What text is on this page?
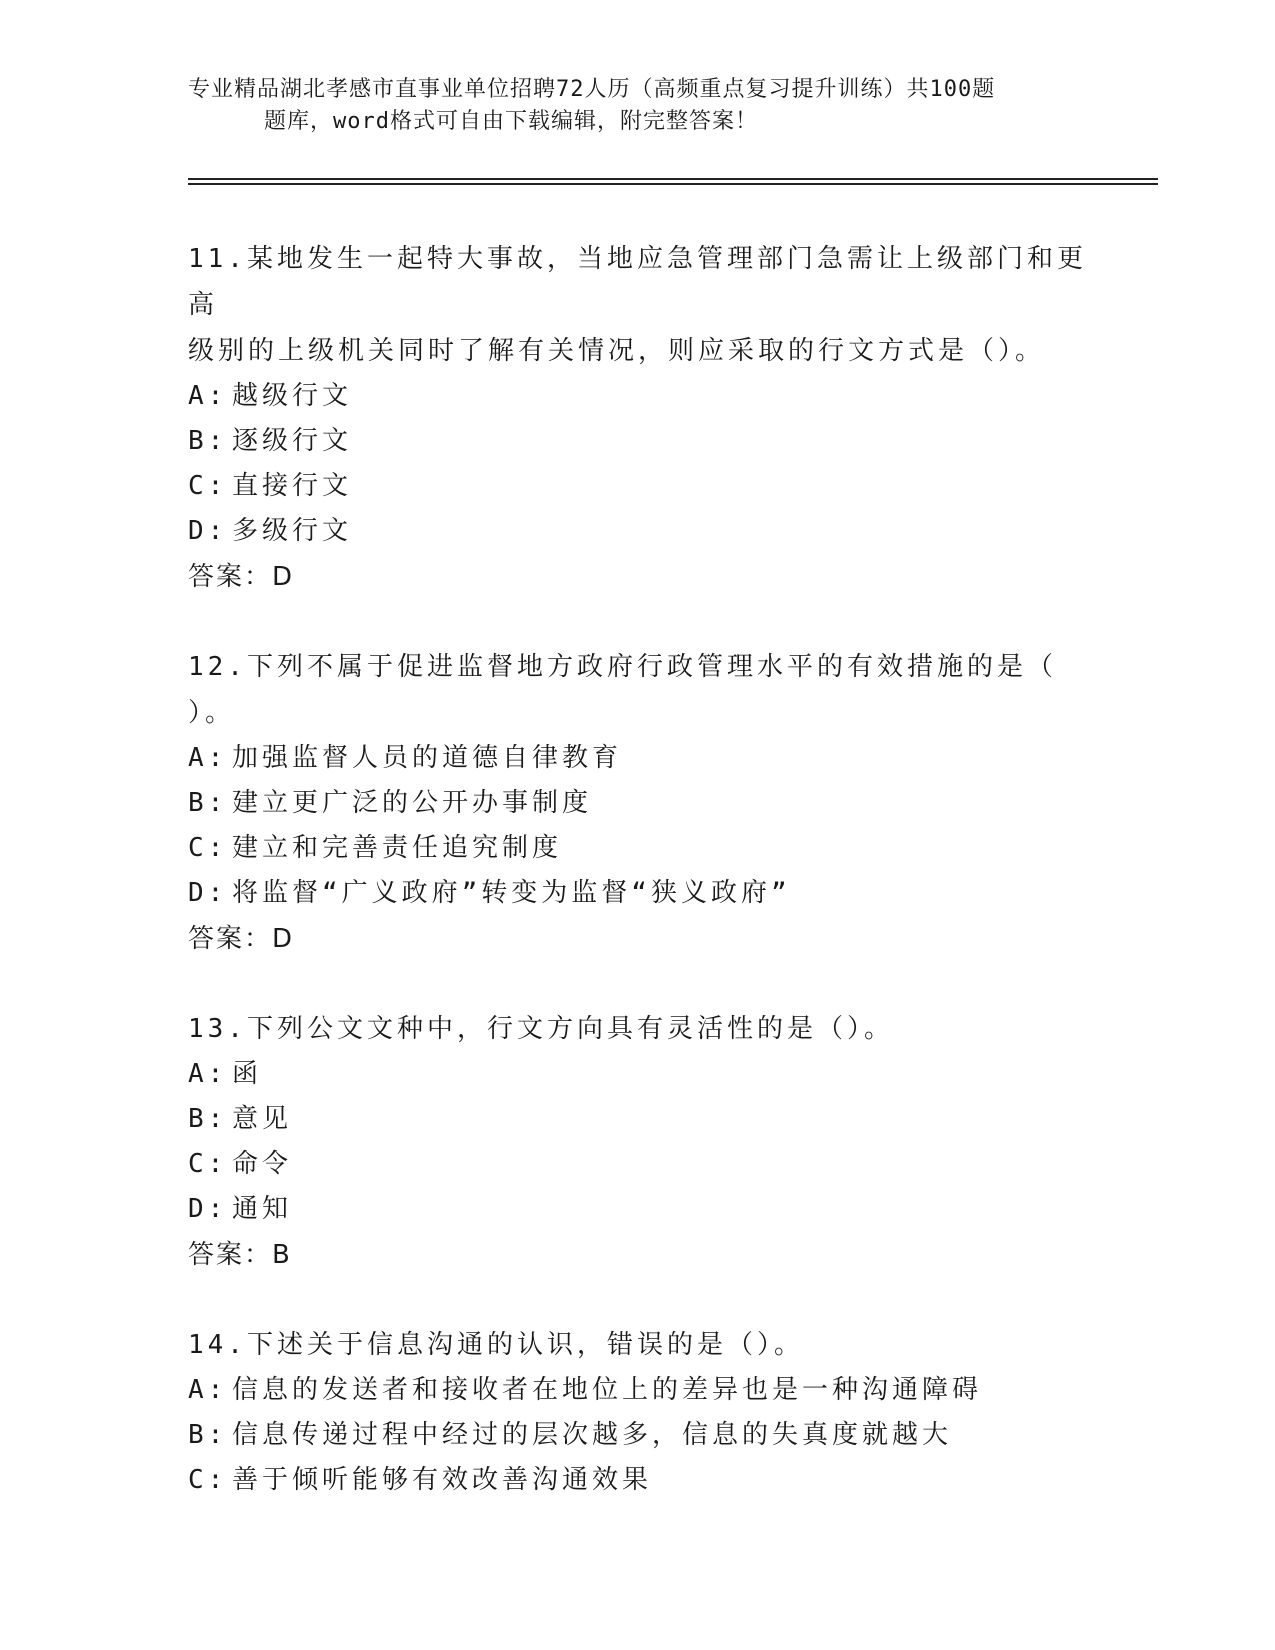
专业精品湖北孝感市直事业单位招聘72人历（高频重点复习提升训练）共100题
题库，word格式可自由下载编辑，附完整答案！

11.某地发生一起特大事故，当地应急管理部门急需让上级部门和更高

级别的上级机关同时了解有关情况，则应采取的行文方式是（）。

A: 越级行文

B: 逐级行文

C: 直接行文

D: 多级行文

答案：D

12.下列不属于促进监督地方政府行政管理水平的有效措施的是（

）。

A: 加强监督人员的道德自律教育

B: 建立更广泛的公开办事制度

C: 建立和完善责任追究制度

D: 将监督“广义政府”转变为监督“狭义政府”

答案：D

13.下列公文文种中，行文方向具有灵活性的是（）。

A: 函

B: 意见

C: 命令

D: 通知

答案：B

14.下述关于信息沟通的认识，错误的是（）。

A: 信息的发送者和接收者在地位上的差异也是一种沟通障碍

B: 信息传递过程中经过的层次越多，信息的失真度就越大

C: 善于倾听能够有效改善沟通效果
